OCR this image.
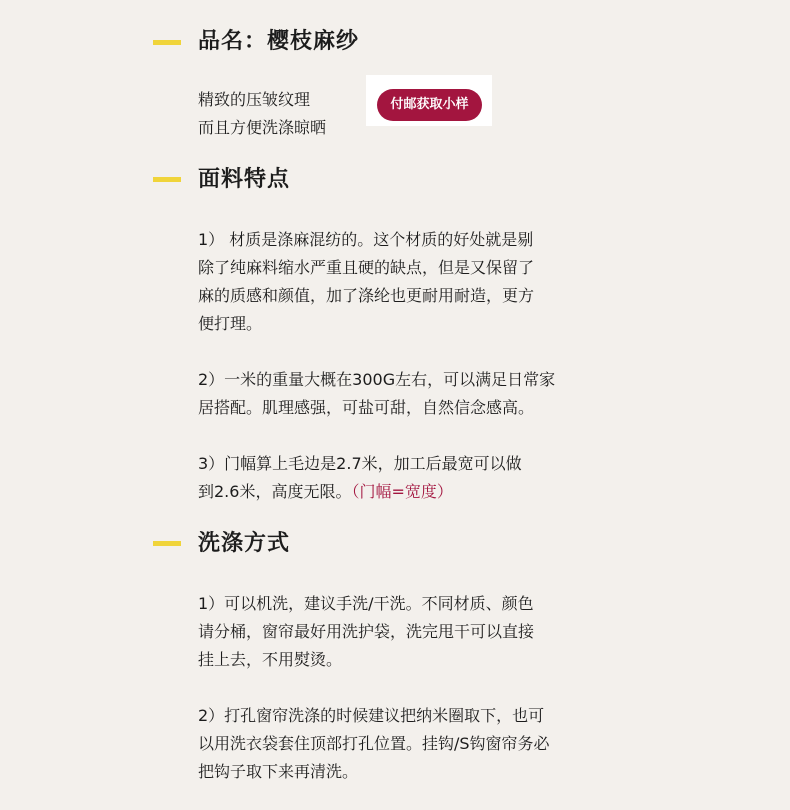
品名：樱枝麻纱
精致的压皱纹理
而且方便洗涤晾晒
付邮获取小样
面料特点
1） 材质是涤麻混纺的。这个材质的好处就是剔
除了纯麻料缩水严重且硬的缺点，但是又保留了
麻的质感和颜值，加了涤纶也更耐用耐造，更方
便打理。
2）一米的重量大概在300G左右，可以满足日常家
居搭配。肌理感强，可盐可甜，自然信念感高。
3）门幅算上毛边是2.7米，加工后最宽可以做
到2.6米，高度无限。（门幅=宽度）
洗涤方式
1）可以机洗，建议手洗/干洗。不同材质、颜色
请分桶，窗帘最好用洗护袋，洗完甩干可以直接
挂上去，不用熨烫。
2）打孔窗帘洗涤的时候建议把纳米圈取下，也可
以用洗衣袋套住顶部打孔位置。挂钩/S钩窗帘务必
把钩子取下来再清洗。
